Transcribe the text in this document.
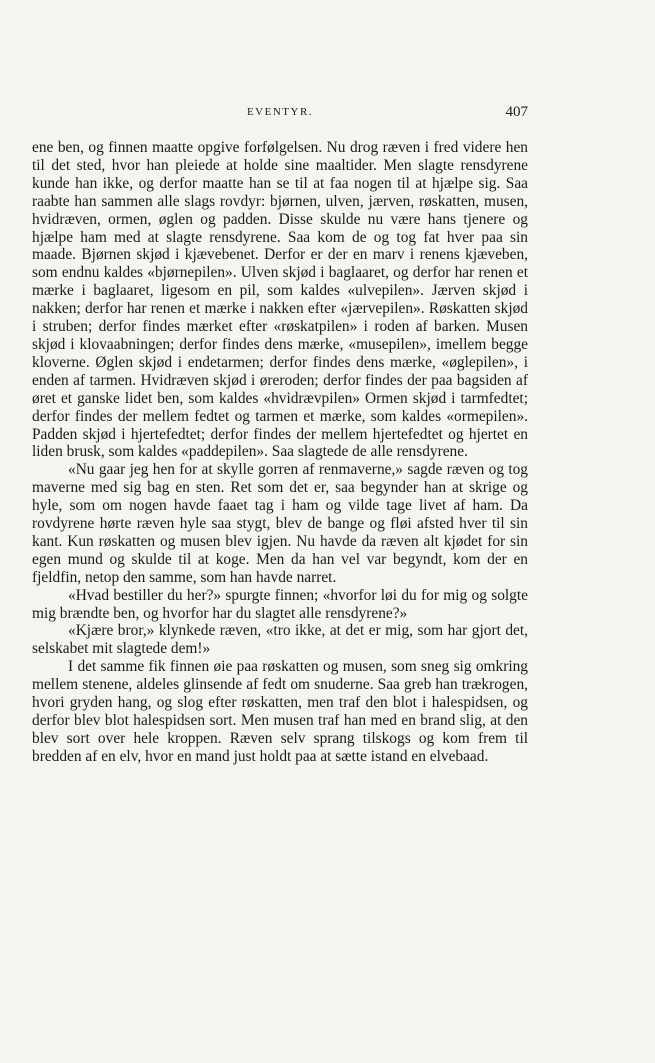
EVENTYR.	407

ene ben, og finnen maatte opgive forfølgelsen. Nu drog ræven i fred videre hen til det sted, hvor han pleiede at holde sine maaltider. Men slagte rensdyrene kunde han ikke, og derfor maatte han se til at faa nogen til at hjælpe sig. Saa raabte han sammen alle slags rovdyr: bjørnen, ulven, jærven, røskatten, musen, hvidræven, ormen, øglen og padden. Disse skulde nu være hans tjenere og hjælpe ham med at slagte rensdyrene. Saa kom de og tog fat hver paa sin maade. Bjørnen skjød i kjævebenet. Derfor er der en marv i renens kjæveben, som endnu kaldes «bjørnepilen». Ulven skjød i baglaaret, og derfor har renen et mærke i baglaaret, ligesom en pil, som kaldes «ulvepilen». Jærven skjød i nakken; derfor har renen et mærke i nakken efter «jærvepilen». Røskatten skjød i struben; derfor findes mærket efter «røskatpilen» i roden af barken. Musen skjød i klovaabningen; derfor findes dens mærke, «musepilen», imellem begge kloverne. Øglen skjød i endetarmen; derfor findes dens mærke, «øglepilen», i enden af tarmen. Hvidræven skjød i øreroden; derfor findes der paa bagsiden af øret et ganske lidet ben, som kaldes «hvidrævpilen» Ormen skjød i tarmfedtet; derfor findes der mellem fedtet og tarmen et mærke, som kaldes «ormepilen». Padden skjød i hjertefedtet; derfor findes der mellem hjertefedtet og hjertet en liden brusk, som kaldes «paddepilen». Saa slagtede de alle rensdyrene.

«Nu gaar jeg hen for at skylle gorren af renmaverne,» sagde ræven og tog maverne med sig bag en sten. Ret som det er, saa begynder han at skrige og hyle, som om nogen havde faaet tag i ham og vilde tage livet af ham. Da rovdyrene hørte ræven hyle saa stygt, blev de bange og fløi afsted hver til sin kant. Kun røskatten og musen blev igjen. Nu havde da ræven alt kjødet for sin egen mund og skulde til at koge. Men da han vel var begyndt, kom der en fjeldfin, netop den samme, som han havde narret.

«Hvad bestiller du her?» spurgte finnen; «hvorfor løi du for mig og solgte mig brændte ben, og hvorfor har du slagtet alle rensdyrene?»

«Kjære bror,» klynkede ræven, «tro ikke, at det er mig, som har gjort det, selskabet mit slagtede dem!»

I det samme fik finnen øie paa røskatten og musen, som sneg sig omkring mellem stenene, aldeles glinsende af fedt om snuderne. Saa greb han trækrogen, hvori gryden hang, og slog efter røskatten, men traf den blot i halespidsen, og derfor blev blot halespidsen sort. Men musen traf han med en brand slig, at den blev sort over hele kroppen. Ræven selv sprang tilskogs og kom frem til bredden af en elv, hvor en mand just holdt paa at sætte istand en elvebaad.
